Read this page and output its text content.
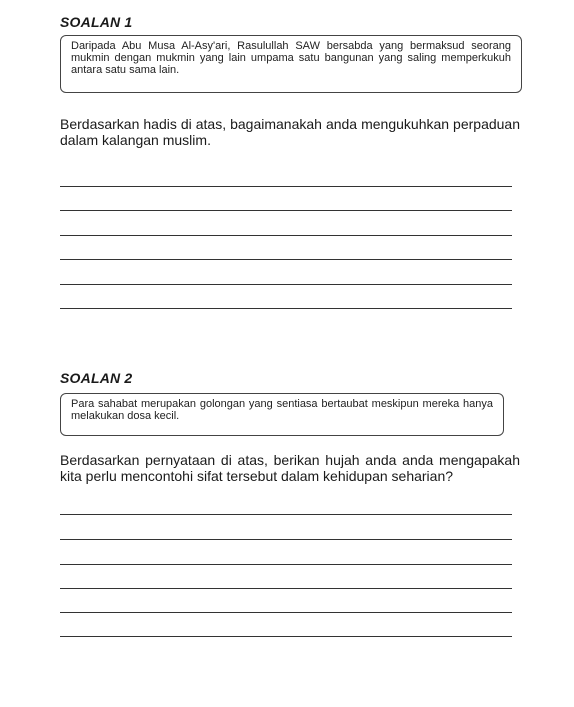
SOALAN 1
Daripada Abu Musa Al-Asy'ari, Rasulullah SAW bersabda yang bermaksud seorang mukmin dengan mukmin yang lain umpama satu bangunan yang saling memperkukuh antara satu sama lain.
Berdasarkan hadis di atas, bagaimanakah anda mengukuhkan perpaduan dalam kalangan muslim.
SOALAN 2
Para sahabat merupakan golongan yang sentiasa bertaubat meskipun mereka hanya melakukan dosa kecil.
Berdasarkan pernyataan di atas, berikan hujah anda anda mengapakah kita perlu mencontohi sifat tersebut dalam kehidupan seharian?
